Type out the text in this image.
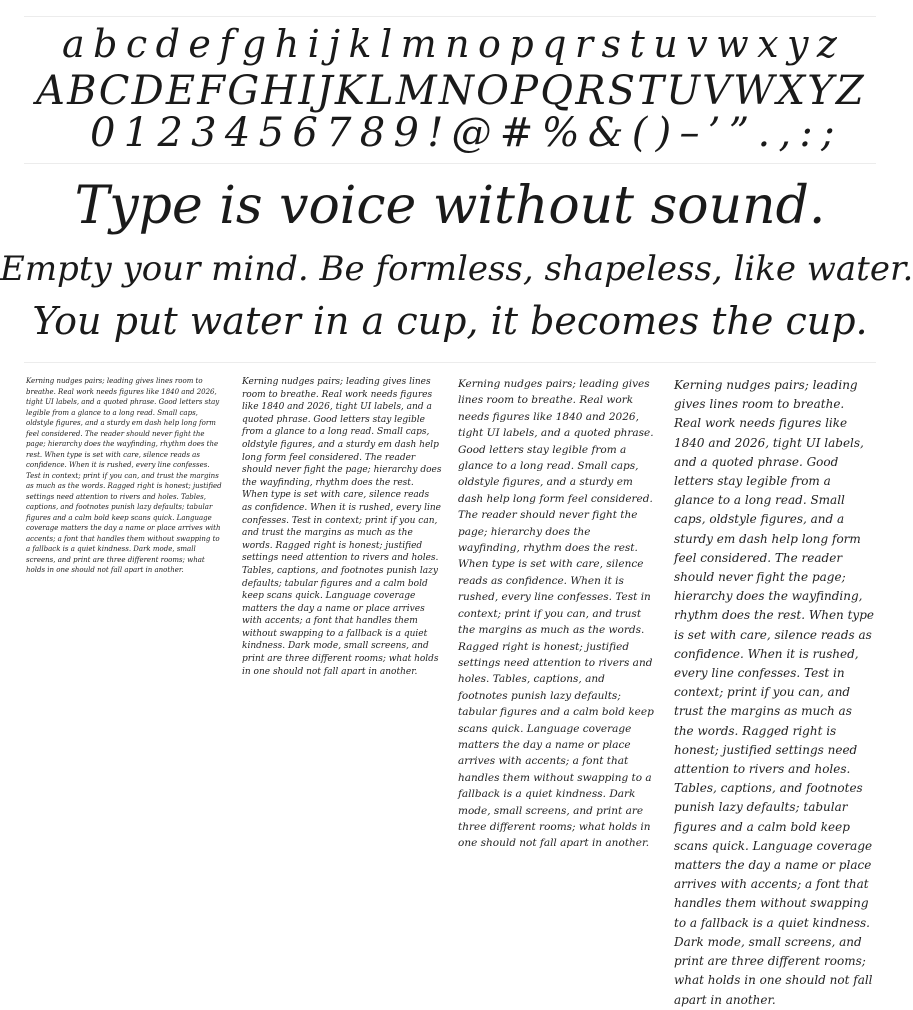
a b c d e f g h i j k l m n o p q r s t u v w x y z
A B C D E F G H I J K L M N O P Q R S T U V W X Y Z
0 1 2 3 4 5 6 7 8 9 ! @ # % & ( ) – ’ ” . , : ;
Type is voice without sound.
Empty your mind. Be formless, shapeless, like water.
You put water in a cup, it becomes the cup.

Kerning nudges pairs; leading gives lines room to breathe. Real work needs figures like 1840 and 2026, tight UI labels, and a quoted phrase. Good letters stay legible from a glance to a long read. Small caps, oldstyle figures, and a sturdy em dash help long form feel considered. The reader should never fight the page; hierarchy does the wayfinding, rhythm does the rest. When type is set with care, silence reads as confidence. When it is rushed, every line confesses. Test in context; print if you can, and trust the margins as much as the words. Ragged right is honest; justified settings need attention to rivers and holes. Tables, captions, and footnotes punish lazy defaults; tabular figures and a calm bold keep scans quick. Language coverage matters the day a name or place arrives with accents; a font that handles them without swapping to a fallback is a quiet kindness. Dark mode, small screens, and print are three different rooms; what holds in one should not fall apart in another.

Kerning nudges pairs; leading gives lines room to breathe. Real work needs figures like 1840 and 2026, tight UI labels, and a quoted phrase. Good letters stay legible from a glance to a long read. Small caps, oldstyle figures, and a sturdy em dash help long form feel considered. The reader should never fight the page; hierarchy does the wayfinding, rhythm does the rest. When type is set with care, silence reads as confidence. When it is rushed, every line confesses. Test in context; print if you can, and trust the margins as much as the words. Ragged right is honest; justified settings need attention to rivers and holes. Tables, captions, and footnotes punish lazy defaults; tabular figures and a calm bold keep scans quick. Language coverage matters the day a name or place arrives with accents; a font that handles them without swapping to a fallback is a quiet kindness. Dark mode, small screens, and print are three different rooms; what holds in one should not fall apart in another.

Kerning nudges pairs; leading gives lines room to breathe. Real work needs figures like 1840 and 2026, tight UI labels, and a quoted phrase. Good letters stay legible from a glance to a long read. Small caps, oldstyle figures, and a sturdy em dash help long form feel considered. The reader should never fight the page; hierarchy does the wayfinding, rhythm does the rest. When type is set with care, silence reads as confidence. When it is rushed, every line confesses. Test in context; print if you can, and trust the margins as much as the words. Ragged right is honest; justified settings need attention to rivers and holes. Tables, captions, and footnotes punish lazy defaults; tabular figures and a calm bold keep scans quick. Language coverage matters the day a name or place arrives with accents; a font that handles them without swapping to a fallback is a quiet kindness. Dark mode, small screens, and print are three different rooms; what holds in one should not fall apart in another.

Kerning nudges pairs; leading gives lines room to breathe. Real work needs figures like 1840 and 2026, tight UI labels, and a quoted phrase. Good letters stay legible from a glance to a long read. Small caps, oldstyle figures, and a sturdy em dash help long form feel considered. The reader should never fight the page; hierarchy does the wayfinding, rhythm does the rest. When type is set with care, silence reads as confidence. When it is rushed, every line confesses. Test in context; print if you can, and trust the margins as much as the words. Ragged right is honest; justified settings need attention to rivers and holes. Tables, captions, and footnotes punish lazy defaults; tabular figures and a calm bold keep scans quick. Language coverage matters the day a name or place arrives with accents; a font that handles them without swapping to a fallback is a quiet kindness. Dark mode, small screens, and print are three different rooms; what holds in one should not fall apart in another.
